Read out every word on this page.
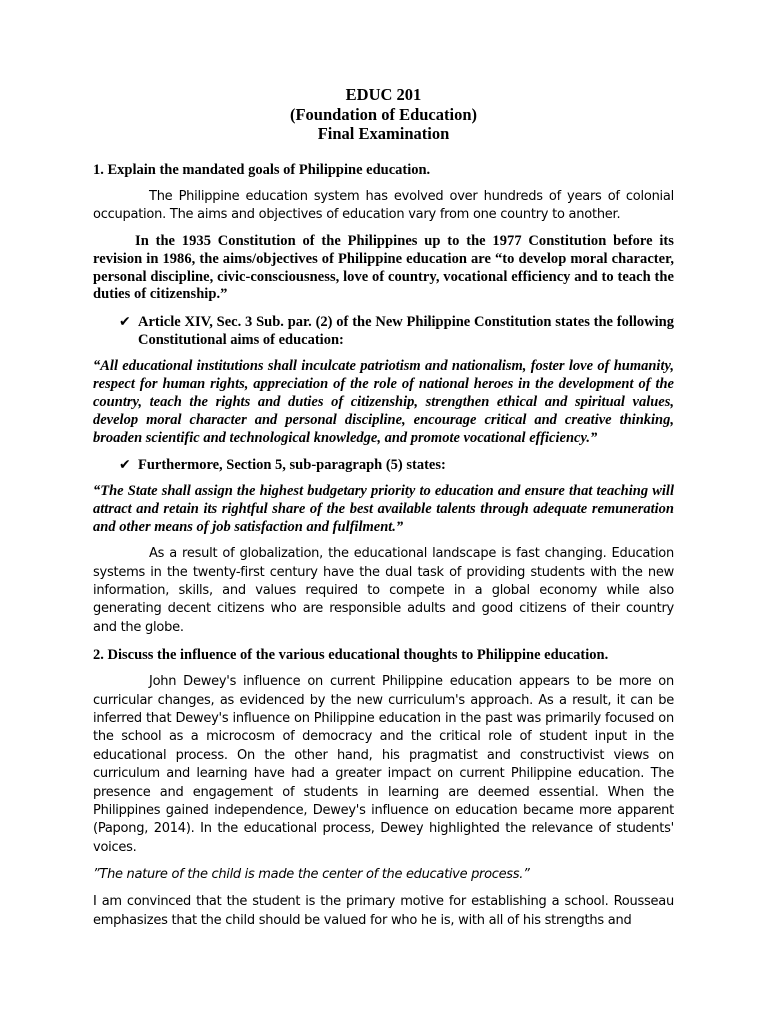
EDUC 201
(Foundation of Education)
Final Examination
1. Explain the mandated goals of Philippine education.

The Philippine education system has evolved over hundreds of years of colonial occupation. The aims and objectives of education vary from one country to another.

In the 1935 Constitution of the Philippines up to the 1977 Constitution before its revision in 1986, the aims/objectives of Philippine education are “to develop moral character, personal discipline, civic-consciousness, love of country, vocational efficiency and to teach the duties of citizenship.”

✔ Article XIV, Sec. 3 Sub. par. (2) of the New Philippine Constitution states the following Constitutional aims of education:

“All educational institutions shall inculcate patriotism and nationalism, foster love of humanity, respect for human rights, appreciation of the role of national heroes in the development of the country, teach the rights and duties of citizenship, strengthen ethical and spiritual values, develop moral character and personal discipline, encourage critical and creative thinking, broaden scientific and technological knowledge, and promote vocational efficiency.”

✔ Furthermore, Section 5, sub-paragraph (5) states:

“The State shall assign the highest budgetary priority to education and ensure that teaching will attract and retain its rightful share of the best available talents through adequate remuneration and other means of job satisfaction and fulfilment.”

As a result of globalization, the educational landscape is fast changing. Education systems in the twenty-first century have the dual task of providing students with the new information, skills, and values required to compete in a global economy while also generating decent citizens who are responsible adults and good citizens of their country and the globe.

2. Discuss the influence of the various educational thoughts to Philippine education.

John Dewey's influence on current Philippine education appears to be more on curricular changes, as evidenced by the new curriculum's approach. As a result, it can be inferred that Dewey's influence on Philippine education in the past was primarily focused on the school as a microcosm of democracy and the critical role of student input in the educational process. On the other hand, his pragmatist and constructivist views on curriculum and learning have had a greater impact on current Philippine education. The presence and engagement of students in learning are deemed essential. When the Philippines gained independence, Dewey's influence on education became more apparent (Papong, 2014). In the educational process, Dewey highlighted the relevance of students' voices.

”The nature of the child is made the center of the educative process.”

I am convinced that the student is the primary motive for establishing a school. Rousseau emphasizes that the child should be valued for who he is, with all of his strengths and
